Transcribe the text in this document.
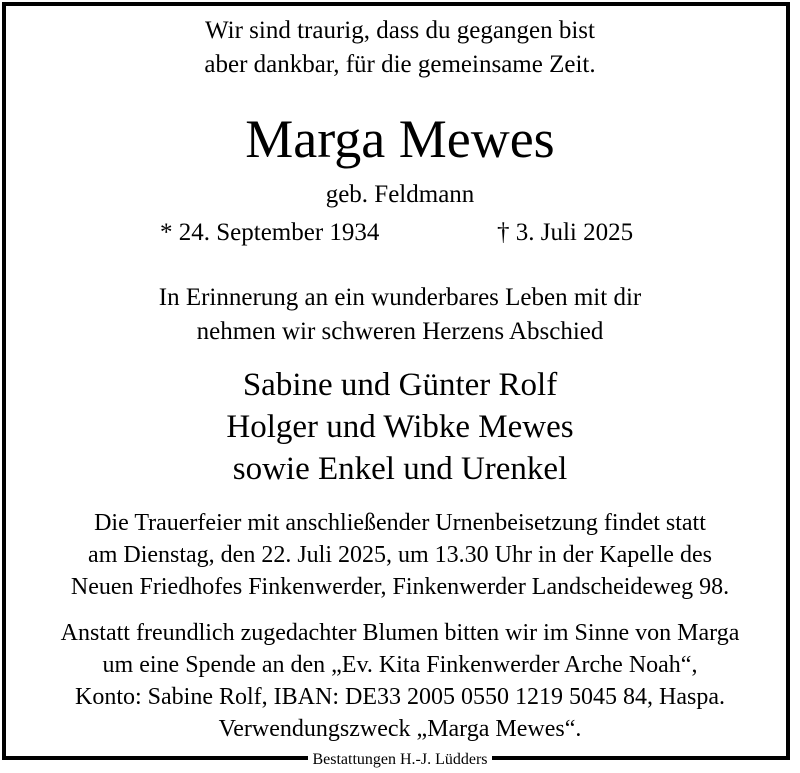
Wir sind traurig, dass du gegangen bist
aber dankbar, für die gemeinsame Zeit.
Marga Mewes
geb. Feldmann
* 24. September 1934	† 3. Juli 2025
In Erinnerung an ein wunderbares Leben mit dir
nehmen wir schweren Herzens Abschied
Sabine und Günter Rolf
Holger und Wibke Mewes
sowie Enkel und Urenkel
Die Trauerfeier mit anschließender Urnenbeisetzung findet statt
am Dienstag, den 22. Juli 2025, um 13.30 Uhr in der Kapelle des
Neuen Friedhofes Finkenwerder, Finkenwerder Landscheideweg 98.
Anstatt freundlich zugedachter Blumen bitten wir im Sinne von Marga
um eine Spende an den „Ev. Kita Finkenwerder Arche Noah“,
Konto: Sabine Rolf, IBAN: DE33 2005 0550 1219 5045 84, Haspa.
Verwendungszweck „Marga Mewes“.
Bestattungen H.-J. Lüdders
